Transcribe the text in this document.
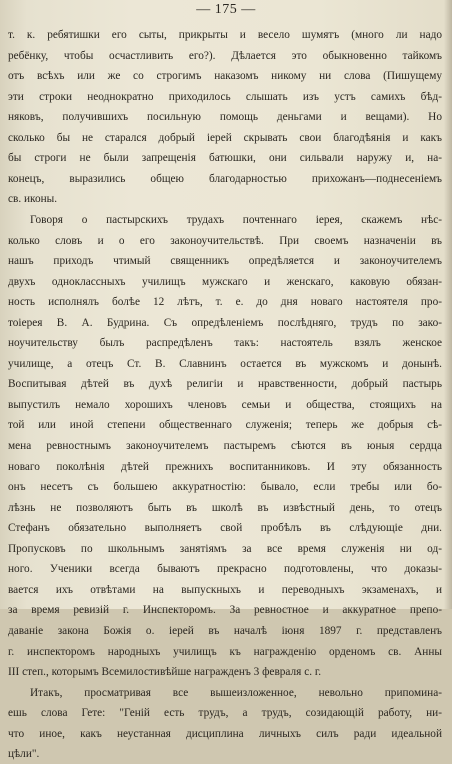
— 175 —
т. к. ребятишки его сыты, прикрыты и весело шумятъ (много ли надо
ребёнку, чтобы осчастливить его?). Дѣлается это обыкновенно тайкомъ
отъ всѣхъ или же со строгимъ наказомъ никому ни слова (Пишущему
эти строки неоднократно приходилось слышать изъ устъ самихъ бѣд-
няковъ, получившихъ посильную помощь деньгами и вещами). Но
сколько бы не старался добрый iерей скрывать свои благодѣянія и какъ
бы строги не были запрещенія батюшки, они сильвали наружу и, на-
конецъ, выразились общею благодарностью прихожанъ—поднесеніемъ
св. иконы.
Говоря о пастырскихъ трудахъ почтеннаго iерея, скажемъ нѣс-
колько словъ и о его законоучительствѣ. При своемъ назначеніи въ
нашъ приходъ чтимый священникъ опредѣляется и законоучителемъ
двухъ одноклассныхъ училищъ мужскаго и женскаго, каковую обязан-
ность исполнялъ болѣе 12 лѣтъ, т. е. до дня новаго настоятеля про-
тоiерея В. А. Будрина. Съ опредѣленіемъ послѣдняго, трудъ по зако-
ноучительству былъ распредѣленъ такъ: настоятель взялъ женское
училище, а отецъ Ст. В. Славнинъ остается въ мужскомъ и донынѣ.
Воспитывая дѣтей въ духѣ религіи и нравственности, добрый пастырь
выпустилъ немало хорошихъ членовъ семьи и общества, стоящихъ на
той или иной степени общественнаго служенія; теперь же добрыя сѣ-
мена ревностнымъ законоучителемъ пастыремъ сѣются въ юныя сердца
новаго поколѣнія дѣтей прежнихъ воспитанниковъ. И эту обязанность
онъ несетъ съ большею аккуратностію: бывало, если требы или бо-
лѣзнь не позволяютъ быть въ школѣ въ извѣстный день, то отецъ
Стефанъ обязательно выполняетъ свой пробѣлъ въ слѣдующіе дни.
Пропусковъ по школьнымъ занятіямъ за все время служенія ни од-
ного. Ученики всегда бываютъ прекрасно подготовлены, что доказы-
вается ихъ отвѣтами на выпускныхъ и переводныхъ экзаменахъ, и
за время ревизій г. Инспекторомъ. За ревностное и аккуратное препо-
даваніе закона Божія о. iерей въ началѣ iюня 1897 г. представленъ
г. инспекторомъ народныхъ училищъ къ награжденію орденомъ св. Анны
III степ., которымъ Всемилостивѣйше награжденъ 3 февраля с. г.
Итакъ, просматривая все вышеизложенное, невольно припомина-
ешь слова Гете: "Геній есть трудъ, а трудъ, созидающій работу, ни-
что иное, какъ неустанная дисциплина личныхъ силъ ради идеальной
цѣли".
